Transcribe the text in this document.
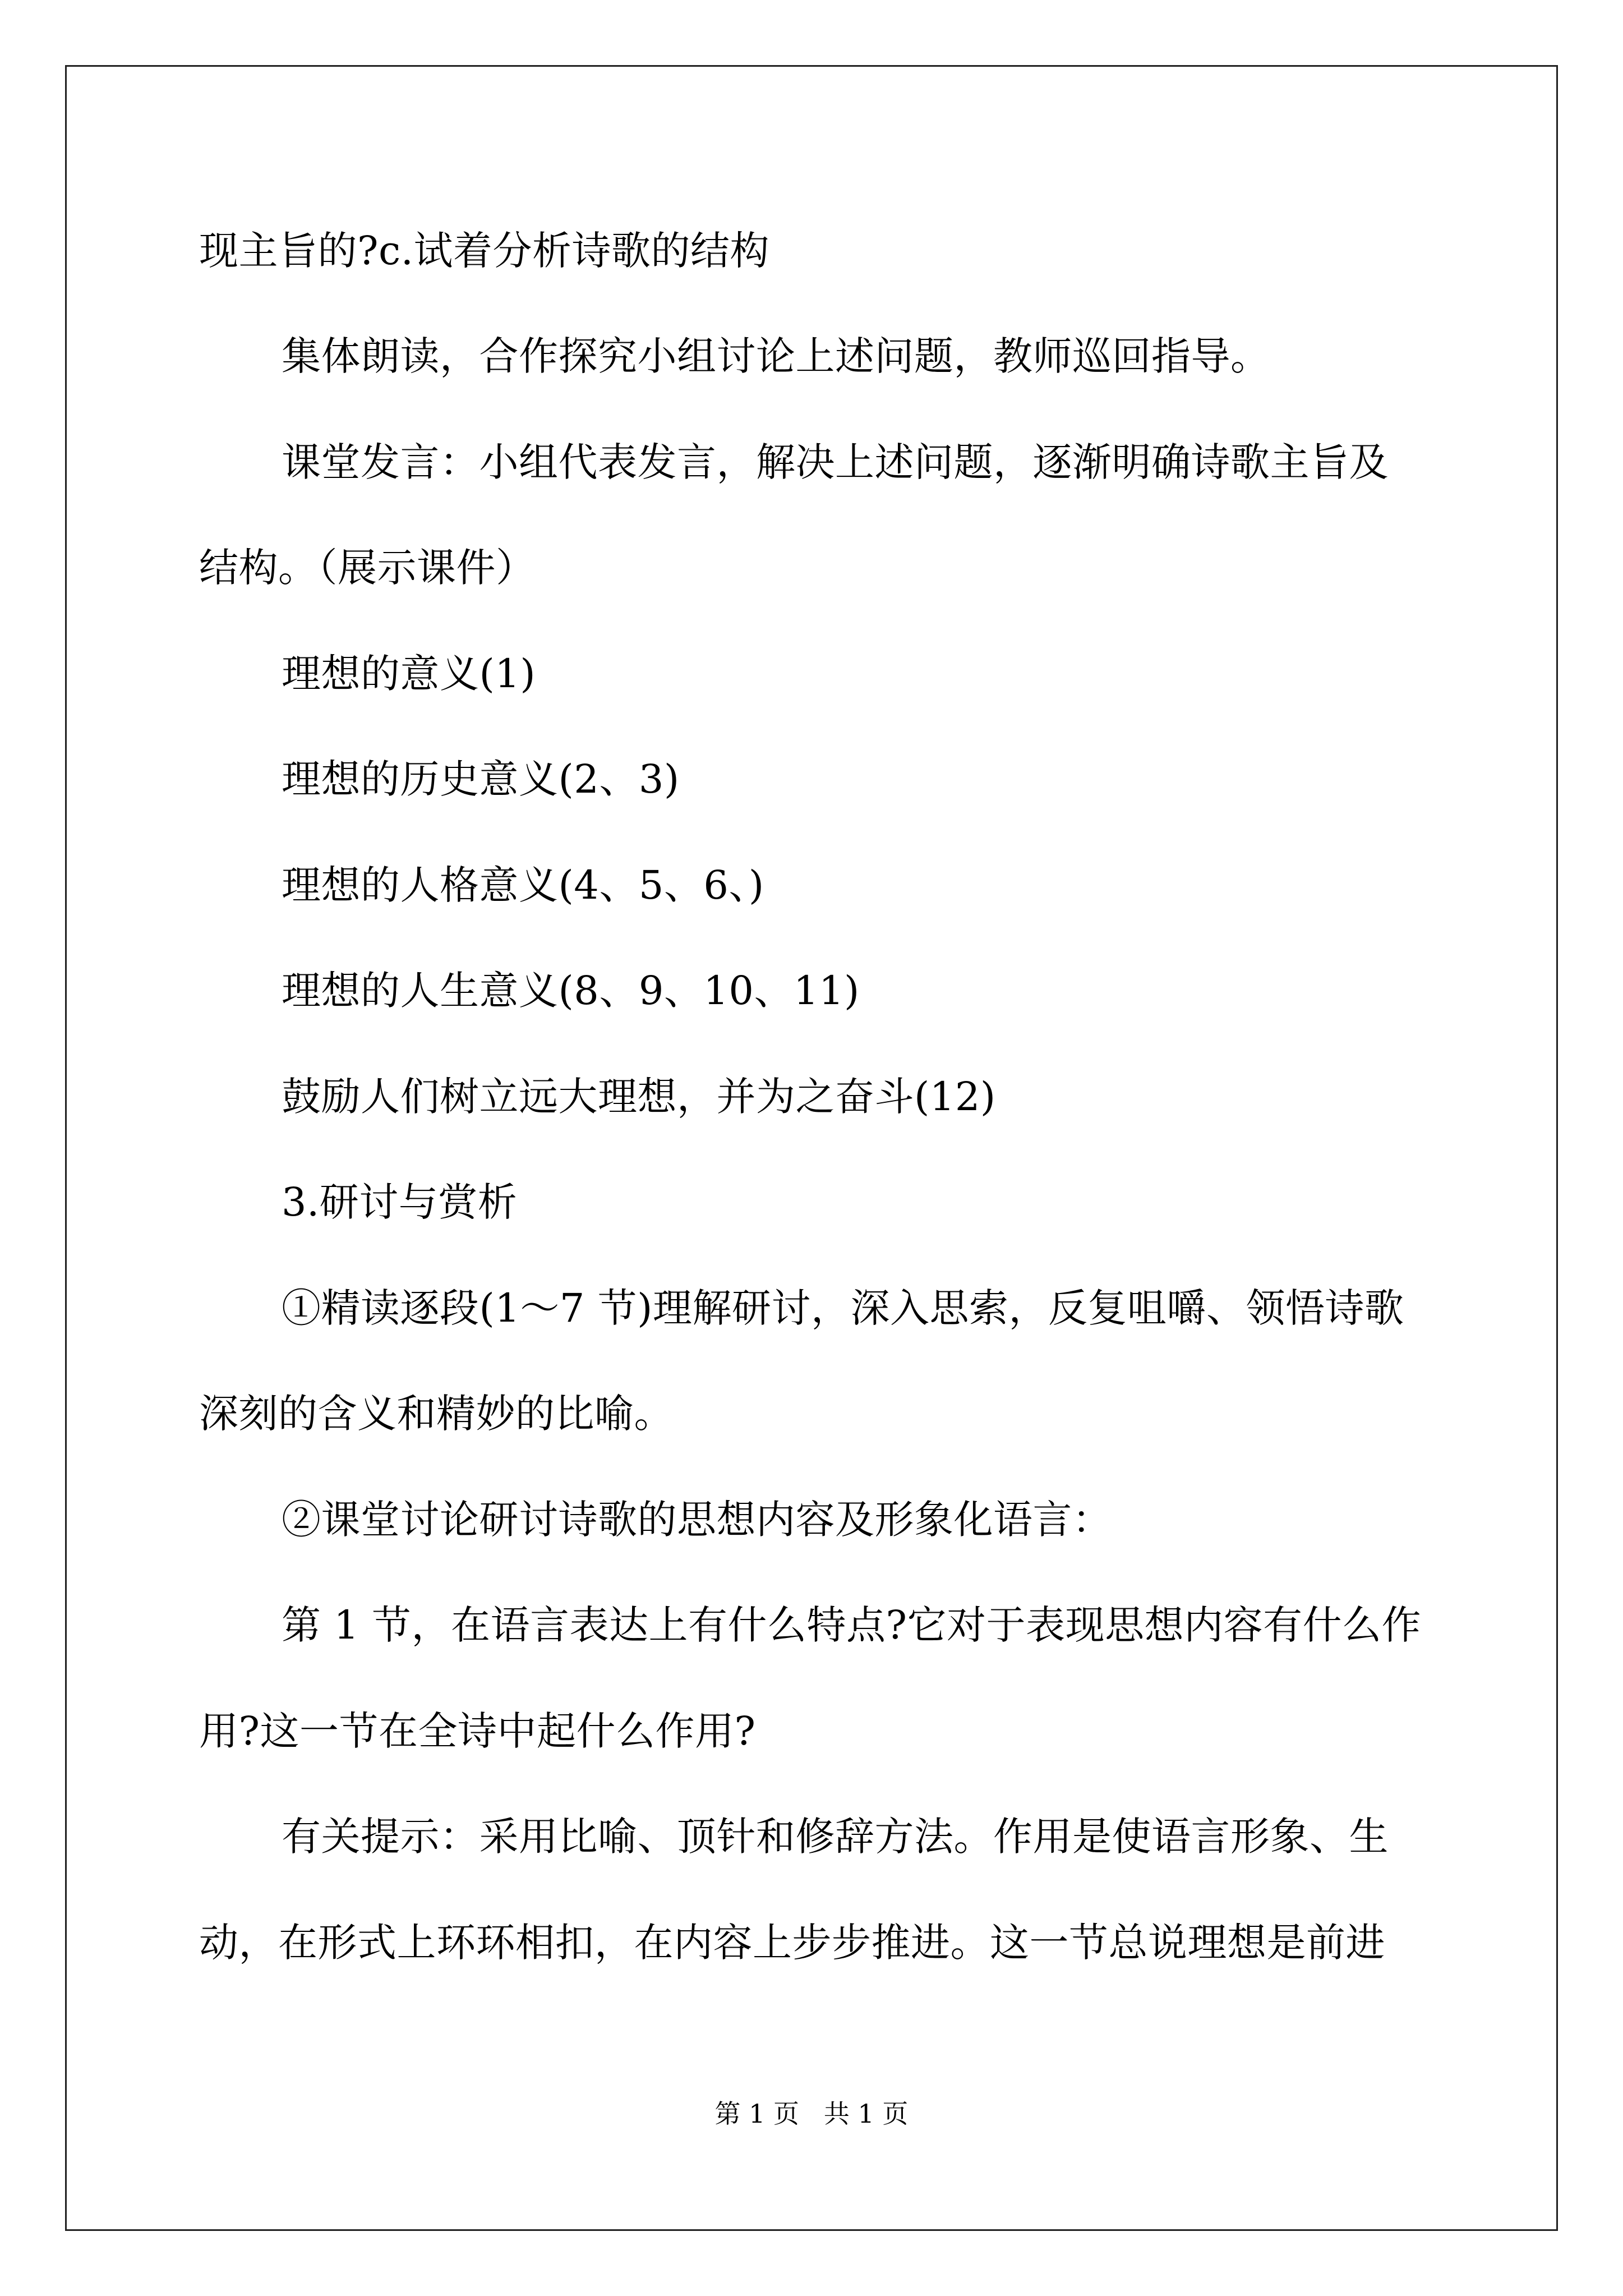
现主旨的?c.试着分析诗歌的结构
集体朗读，合作探究小组讨论上述问题，教师巡回指导。
课堂发言：小组代表发言，解决上述问题，逐渐明确诗歌主旨及
结构。（展示课件）
理想的意义(1)
理想的历史意义(2、3)
理想的人格意义(4、5、6、)
理想的人生意义(8、9、10、11)
鼓励人们树立远大理想，并为之奋斗(12)
3.研讨与赏析
①精读逐段(1～7 节)理解研讨，深入思索，反复咀嚼、领悟诗歌
深刻的含义和精妙的比喻。
②课堂讨论研讨诗歌的思想内容及形象化语言：
第 1 节，在语言表达上有什么特点?它对于表现思想内容有什么作
用?这一节在全诗中起什么作用?
有关提示：采用比喻、顶针和修辞方法。作用是使语言形象、生
动，在形式上环环相扣，在内容上步步推进。这一节总说理想是前进
第 1 页   共 1 页
